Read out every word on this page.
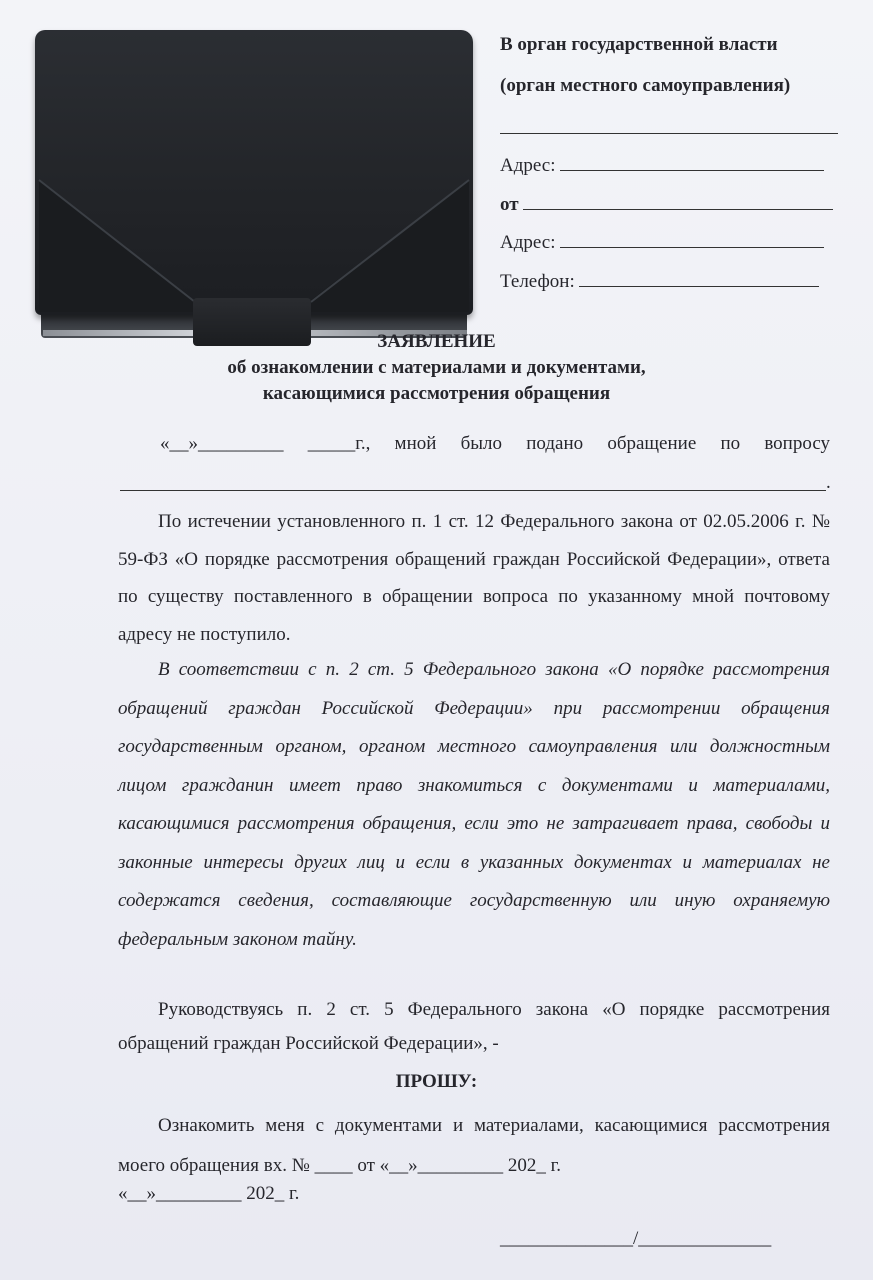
В орган государственной власти
(орган местного самоуправления)
Адрес:
от
Адрес:
Телефон:
ЗАЯВЛЕНИЕ
об ознакомлении с материалами и документами,
касающимися рассмотрения обращения
«__»_________ _____г., мной было подано обращение по вопросу
.
По истечении установленного п. 1 ст. 12 Федерального закона от 02.05.2006 г. № 59-ФЗ «О порядке рассмотрения обращений граждан Российской Федерации», ответа по существу поставленного в обращении вопроса по указанному мной почтовому адресу не поступило.
В соответствии с п. 2 ст. 5 Федерального закона «О порядке рассмотрения обращений граждан Российской Федерации» при рассмотрении обращения государственным органом, органом местного самоуправления или должностным лицом гражданин имеет право знакомиться с документами и материалами, касающимися рассмотрения обращения, если это не затрагивает права, свободы и законные интересы других лиц и если в указанных документах и материалах не содержатся сведения, составляющие государственную или иную охраняемую федеральным законом тайну.
Руководствуясь п. 2 ст. 5 Федерального закона «О порядке рассмотрения обращений граждан Российской Федерации», -
ПРОШУ:
Ознакомить меня с документами и материалами, касающимися рассмотрения моего обращения вх. № ____ от «__»_________ 202_ г.
«__»_________ 202_ г.
______________/______________
